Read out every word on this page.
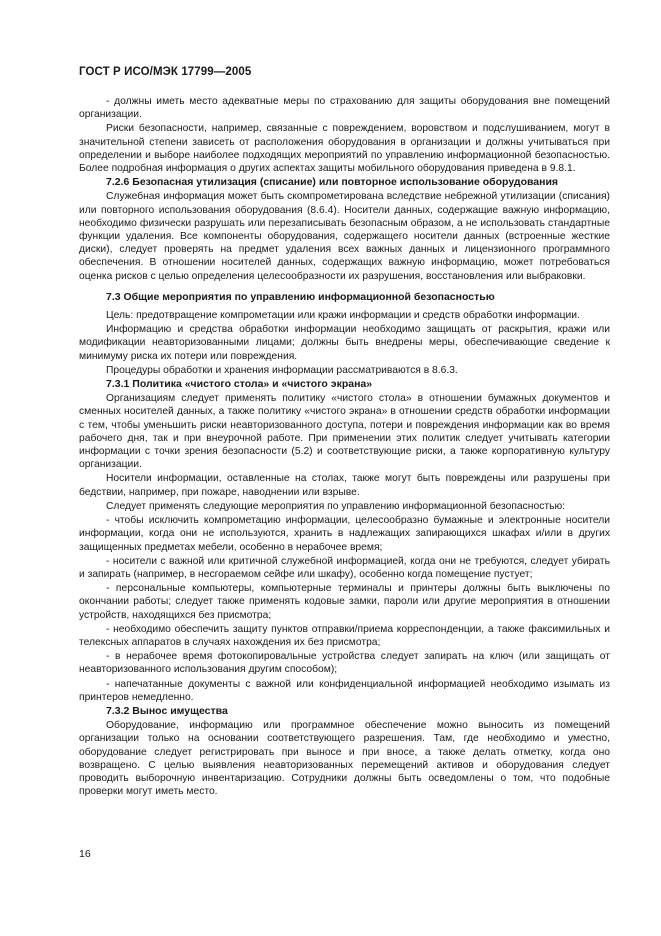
ГОСТ Р ИСО/МЭК 17799—2005

- должны иметь место адекватные меры по страхованию для защиты оборудования вне помещений организации.

Риски безопасности, например, связанные с повреждением, воровством и подслушиванием, могут в значительной степени зависеть от расположения оборудования в организации и должны учитываться при определении и выборе наиболее подходящих мероприятий по управлению информационной безопасностью. Более подробная информация о других аспектах защиты мобильного оборудования приведена в 9.8.1.

7.2.6 Безопасная утилизация (списание) или повторное использование оборудования

Служебная информация может быть скомпрометирована вследствие небрежной утилизации (списания) или повторного использования оборудования (8.6.4). Носители данных, содержащие важную информацию, необходимо физически разрушать или перезаписывать безопасным образом, а не использовать стандартные функции удаления. Все компоненты оборудования, содержащего носители данных (встроенные жесткие диски), следует проверять на предмет удаления всех важных данных и лицензионного программного обеспечения. В отношении носителей данных, содержащих важную информацию, может потребоваться оценка рисков с целью определения целесообразности их разрушения, восстановления или выбраковки.

7.3 Общие мероприятия по управлению информационной безопасностью

Цель: предотвращение компрометации или кражи информации и средств обработки информации.

Информацию и средства обработки информации необходимо защищать от раскрытия, кражи или модификации неавторизованными лицами; должны быть внедрены меры, обеспечивающие сведение к минимуму риска их потери или повреждения.

Процедуры обработки и хранения информации рассматриваются в 8.6.3.

7.3.1 Политика «чистого стола» и «чистого экрана»

Организациям следует применять политику «чистого стола» в отношении бумажных документов и сменных носителей данных, а также политику «чистого экрана» в отношении средств обработки информации с тем, чтобы уменьшить риски неавторизованного доступа, потери и повреждения информации как во время рабочего дня, так и при внеурочной работе. При применении этих политик следует учитывать категории информации с точки зрения безопасности (5.2) и соответствующие риски, а также корпоративную культуру организации.

Носители информации, оставленные на столах, также могут быть повреждены или разрушены при бедствии, например, при пожаре, наводнении или взрыве.

Следует применять следующие мероприятия по управлению информационной безопасностью:

- чтобы исключить компрометацию информации, целесообразно бумажные и электронные носители информации, когда они не используются, хранить в надлежащих запирающихся шкафах и/или в других защищенных предметах мебели, особенно в нерабочее время;

- носители с важной или критичной служебной информацией, когда они не требуются, следует убирать и запирать (например, в несгораемом сейфе или шкафу), особенно когда помещение пустует;

- персональные компьютеры, компьютерные терминалы и принтеры должны быть выключены по окончании работы; следует также применять кодовые замки, пароли или другие мероприятия в отношении устройств, находящихся без присмотра;

- необходимо обеспечить защиту пунктов отправки/приема корреспонденции, а также факсимильных и телексных аппаратов в случаях нахождения их без присмотра;

- в нерабочее время фотокопировальные устройства следует запирать на ключ (или защищать от неавторизованного использования другим способом);

- напечатанные документы с важной или конфиденциальной информацией необходимо изымать из принтеров немедленно.

7.3.2 Вынос имущества

Оборудование, информацию или программное обеспечение можно выносить из помещений организации только на основании соответствующего разрешения. Там, где необходимо и уместно, оборудование следует регистрировать при выносе и при вносе, а также делать отметку, когда оно возвращено. С целью выявления неавторизованных перемещений активов и оборудования следует проводить выборочную инвентаризацию. Сотрудники должны быть осведомлены о том, что подобные проверки могут иметь место.

16
